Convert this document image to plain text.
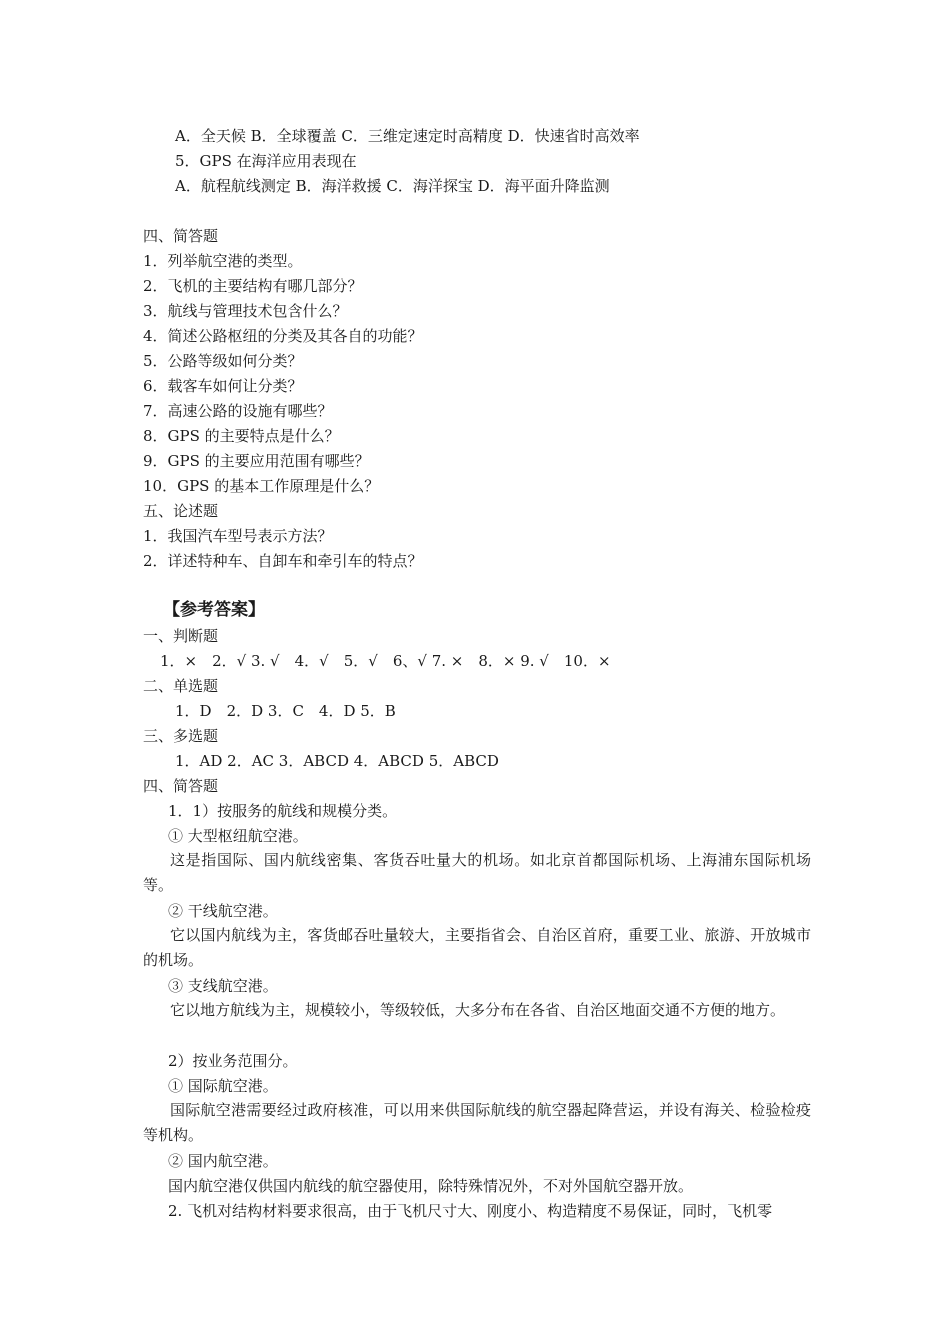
A．全天候 B．全球覆盖 C．三维定速定时高精度 D．快速省时高效率
5．GPS 在海洋应用表现在
A．航程航线测定 B．海洋救援 C．海洋探宝 D．海平面升降监测
四、简答题
1．列举航空港的类型。
2．飞机的主要结构有哪几部分？
3．航线与管理技术包含什么？
4．简述公路枢纽的分类及其各自的功能？
5．公路等级如何分类？
6．载客车如何让分类？
7．高速公路的设施有哪些？
8．GPS 的主要特点是什么？
9．GPS 的主要应用范围有哪些？
10．GPS 的基本工作原理是什么？
五、论述题
1．我国汽车型号表示方法？
2．详述特种车、自卸车和牵引车的特点？
【参考答案】
一、判断题
1．×　2．√ 3. √　4．√　5．√　6、√ 7. ×　8．× 9. √　10．×
二、单选题
1．D　2．D 3．C　4．D 5．B
三、多选题
1．AD 2．AC 3．ABCD 4．ABCD 5．ABCD
四、简答题
1．1）按服务的航线和规模分类。
① 大型枢纽航空港。
这是指国际、国内航线密集、客货吞吐量大的机场。如北京首都国际机场、上海浦东国际机场等。
② 干线航空港。
它以国内航线为主，客货邮吞吐量较大，主要指省会、自治区首府，重要工业、旅游、开放城市的机场。
③ 支线航空港。
它以地方航线为主，规模较小，等级较低，大多分布在各省、自治区地面交通不方便的地方。
2）按业务范围分。
① 国际航空港。
国际航空港需要经过政府核准，可以用来供国际航线的航空器起降营运，并设有海关、检验检疫等机构。
② 国内航空港。
国内航空港仅供国内航线的航空器使用，除特殊情况外，不对外国航空器开放。
2. 飞机对结构材料要求很高，由于飞机尺寸大、刚度小、构造精度不易保证，同时，飞机零
